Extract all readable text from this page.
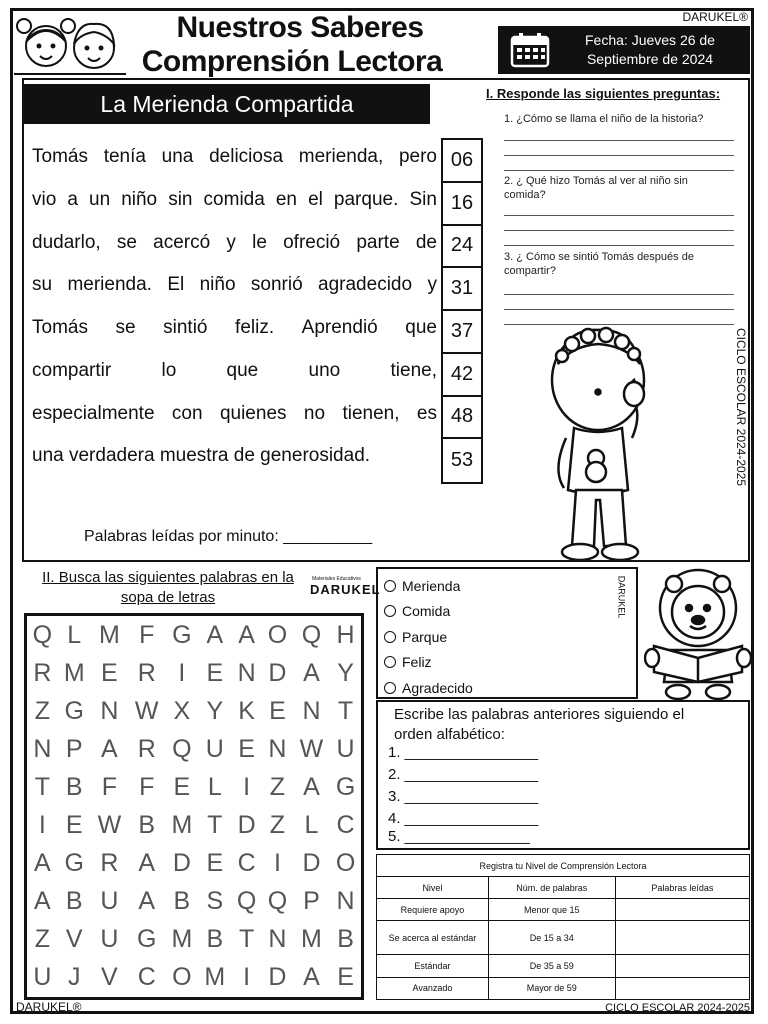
Nuestros Saberes
Comprensión Lectora
DARUKEL®
Fecha: Jueves 26 de
Septiembre de 2024
La Merienda Compartida
Tomás tenía una deliciosa merienda, pero
vio a un niño sin comida en el parque. Sin
dudarlo, se acercó y le ofreció parte de
su merienda. El niño sonrió agradecido y
Tomás se sintió feliz. Aprendió que
compartir	lo	que	uno	tiene,
especialmente con quienes no tienen, es
una verdadera muestra de generosidad.
06
16
24
31
37
42
48
53
Palabras leídas por minuto: __________
I. Responde las siguientes preguntas:
1. ¿Cómo se llama el niño de la historia?
2. ¿ Qué hizo Tomás al ver al niño sin comida?
3. ¿ Cómo se sintió Tomás después de compartir?
CICLO ESCOLAR 2024-2025
II. Busca las siguientes palabras en la sopa de letras
Materiales Educativos
DARUKEL
Q	L	M	F	G	A	A	O	Q	H
R	M	E	R	I	E	N	D	A	Y
Z	G	N	W	X	Y	K	E	N	T
N	P	A	R	Q	U	E	N	W	U
T	B	F	F	E	L	I	Z	A	G
I	E	W	B	M	T	D	Z	L	C
A	G	R	A	D	E	C	I	D	O
A	B	U	A	B	S	Q	Q	P	N
Z	V	U	G	M	B	T	N	M	B
U	J	V	C	O	M	I	D	A	E
Merienda
Comida
Parque
Feliz
Agradecido
DARUKEL
Escribe las palabras anteriores siguiendo el orden alfabético:
1. ________________
2. ________________
3. ________________
4. ________________
5. _______________
Registra tu Nivel de Comprensión Lectora		
Nivel	Núm. de palabras	Palabras leídas
Requiere apoyo	Menor que 15	
Se acerca al estándar	De 15 a 34	
Estándar	De 35 a 59	
Avanzado	Mayor de 59	
DARUKEL®	CICLO ESCOLAR 2024-2025
